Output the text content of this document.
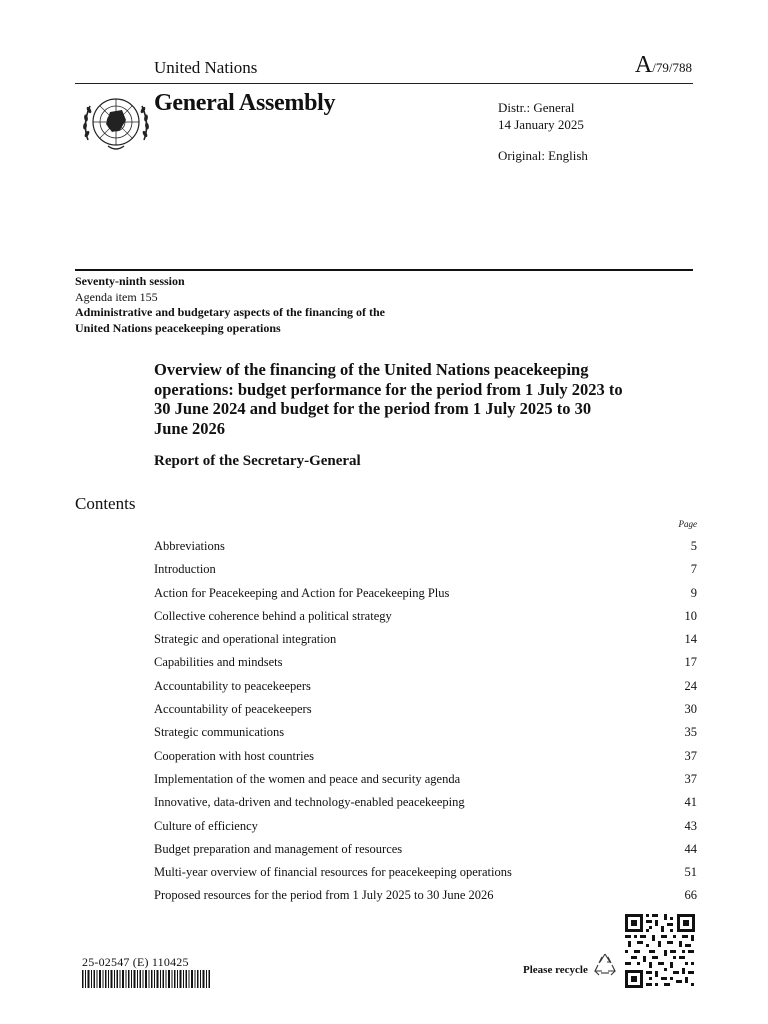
United Nations	A/79/788
General Assembly	Distr.: General
14 January 2025
Original: English
Seventy-ninth session
Agenda item 155
Administrative and budgetary aspects of the financing of the
United Nations peacekeeping operations
Overview of the financing of the United Nations peacekeeping operations: budget performance for the period from 1 July 2023 to 30 June 2024 and budget for the period from 1 July 2025 to 30 June 2026
Report of the Secretary-General
Contents
Page
Abbreviations	5
Introduction	7
Action for Peacekeeping and Action for Peacekeeping Plus	9
Collective coherence behind a political strategy	10
Strategic and operational integration	14
Capabilities and mindsets	17
Accountability to peacekeepers	24
Accountability of peacekeepers	30
Strategic communications	35
Cooperation with host countries	37
Implementation of the women and peace and security agenda	37
Innovative, data-driven and technology-enabled peacekeeping	41
Culture of efficiency	43
Budget preparation and management of resources	44
Multi-year overview of financial resources for peacekeeping operations	51
Proposed resources for the period from 1 July 2025 to 30 June 2026	66
25-02547 (E) 110425
Please recycle
